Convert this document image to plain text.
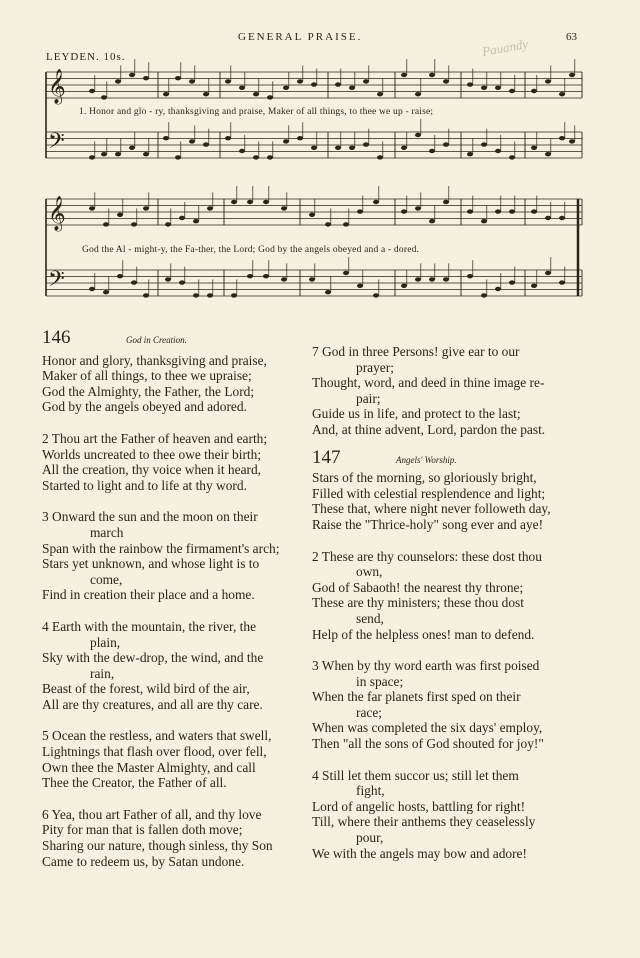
GENERAL PRAISE.	63
Pauandy
𝄞
𝄢
𝄞
𝄢
LEYDEN. 10s.
1. Honor and glo - ry, thanksgiving and praise, Maker of all things, to thee we up - raise;
God the Al - might-y, the Fa-ther, the Lord; God by the angels obeyed and a - dored.
146	God in Creation.
Honor and glory, thanksgiving and praise,
Maker of all things, to thee we upraise;
God the Almighty, the Father, the Lord;
God by the angels obeyed and adored.
2 Thou art the Father of heaven and earth;
Worlds uncreated to thee owe their birth;
All the creation, thy voice when it heard,
Started to light and to life at thy word.
3 Onward the sun and the moon on their
march
Span with the rainbow the firmament's arch;
Stars yet unknown, and whose light is to
come,
Find in creation their place and a home.
4 Earth with the mountain, the river, the
plain,
Sky with the dew-drop, the wind, and the
rain,
Beast of the forest, wild bird of the air,
All are thy creatures, and all are thy care.
5 Ocean the restless, and waters that swell,
Lightnings that flash over flood, over fell,
Own thee the Master Almighty, and call
Thee the Creator, the Father of all.
6 Yea, thou art Father of all, and thy love
Pity for man that is fallen doth move;
Sharing our nature, though sinless, thy Son
Came to redeem us, by Satan undone.
7 God in three Persons! give ear to our
prayer;
Thought, word, and deed in thine image re-
pair;
Guide us in life, and protect to the last;
And, at thine advent, Lord, pardon the past.
147	Angels' Worship.
Stars of the morning, so gloriously bright,
Filled with celestial resplendence and light;
These that, where night never followeth day,
Raise the "Thrice-holy" song ever and aye!
2 These are thy counselors: these dost thou
own,
God of Sabaoth! the nearest thy throne;
These are thy ministers; these thou dost
send,
Help of the helpless ones! man to defend.
3 When by thy word earth was first poised
in space;
When the far planets first sped on their
race;
When was completed the six days' employ,
Then "all the sons of God shouted for joy!"
4 Still let them succor us; still let them
fight,
Lord of angelic hosts, battling for right!
Till, where their anthems they ceaselessly
pour,
We with the angels may bow and adore!
